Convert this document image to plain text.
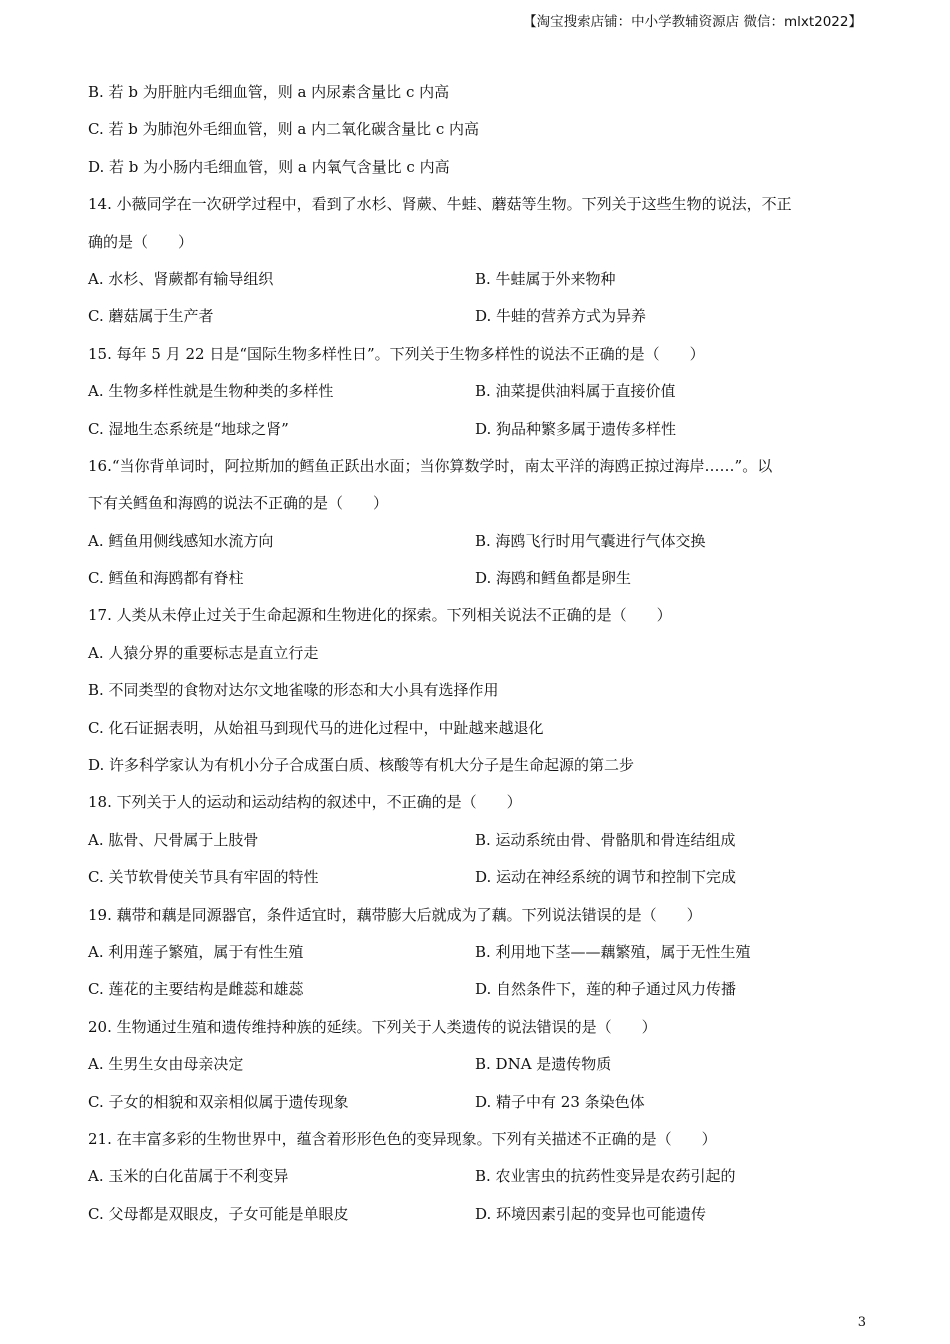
【淘宝搜索店铺：中小学教辅资源店 微信：mlxt2022】
B. 若 b 为肝脏内毛细血管，则 a 内尿素含量比 c 内高
C. 若 b 为肺泡外毛细血管，则 a 内二氧化碳含量比 c 内高
D. 若 b 为小肠内毛细血管，则 a 内氧气含量比 c 内高
14. 小薇同学在一次研学过程中，看到了水杉、肾蕨、牛蛙、蘑菇等生物。下列关于这些生物的说法，不正
确的是（　　）
A. 水杉、肾蕨都有输导组织	B. 牛蛙属于外来物种
C. 蘑菇属于生产者	D. 牛蛙的营养方式为异养
15. 每年 5 月 22 日是“国际生物多样性日”。下列关于生物多样性的说法不正确的是（　　）
A. 生物多样性就是生物种类的多样性	B. 油菜提供油料属于直接价值
C. 湿地生态系统是“地球之肾”	D. 狗品种繁多属于遗传多样性
16.“当你背单词时，阿拉斯加的鳕鱼正跃出水面；当你算数学时，南太平洋的海鸥正掠过海岸……”。以
下有关鳕鱼和海鸥的说法不正确的是（　　）
A. 鳕鱼用侧线感知水流方向	B. 海鸥飞行时用气囊进行气体交换
C. 鳕鱼和海鸥都有脊柱	D. 海鸥和鳕鱼都是卵生
17. 人类从未停止过关于生命起源和生物进化的探索。下列相关说法不正确的是（　　）
A. 人猿分界的重要标志是直立行走
B. 不同类型的食物对达尔文地雀喙的形态和大小具有选择作用
C. 化石证据表明，从始祖马到现代马的进化过程中，中趾越来越退化
D. 许多科学家认为有机小分子合成蛋白质、核酸等有机大分子是生命起源的第二步
18. 下列关于人的运动和运动结构的叙述中，不正确的是（　　）
A. 肱骨、尺骨属于上肢骨	B. 运动系统由骨、骨骼肌和骨连结组成
C. 关节软骨使关节具有牢固的特性	D. 运动在神经系统的调节和控制下完成
19. 藕带和藕是同源器官，条件适宜时，藕带膨大后就成为了藕。下列说法错误的是（　　）
A. 利用莲子繁殖，属于有性生殖	B. 利用地下茎——藕繁殖，属于无性生殖
C. 莲花的主要结构是雌蕊和雄蕊	D. 自然条件下，莲的种子通过风力传播
20. 生物通过生殖和遗传维持种族的延续。下列关于人类遗传的说法错误的是（　　）
A. 生男生女由母亲决定	B. DNA 是遗传物质
C. 子女的相貌和双亲相似属于遗传现象	D. 精子中有 23 条染色体
21. 在丰富多彩的生物世界中，蕴含着形形色色的变异现象。下列有关描述不正确的是（　　）
A. 玉米的白化苗属于不利变异	B. 农业害虫的抗药性变异是农药引起的
C. 父母都是双眼皮，子女可能是单眼皮	D. 环境因素引起的变异也可能遗传
3
